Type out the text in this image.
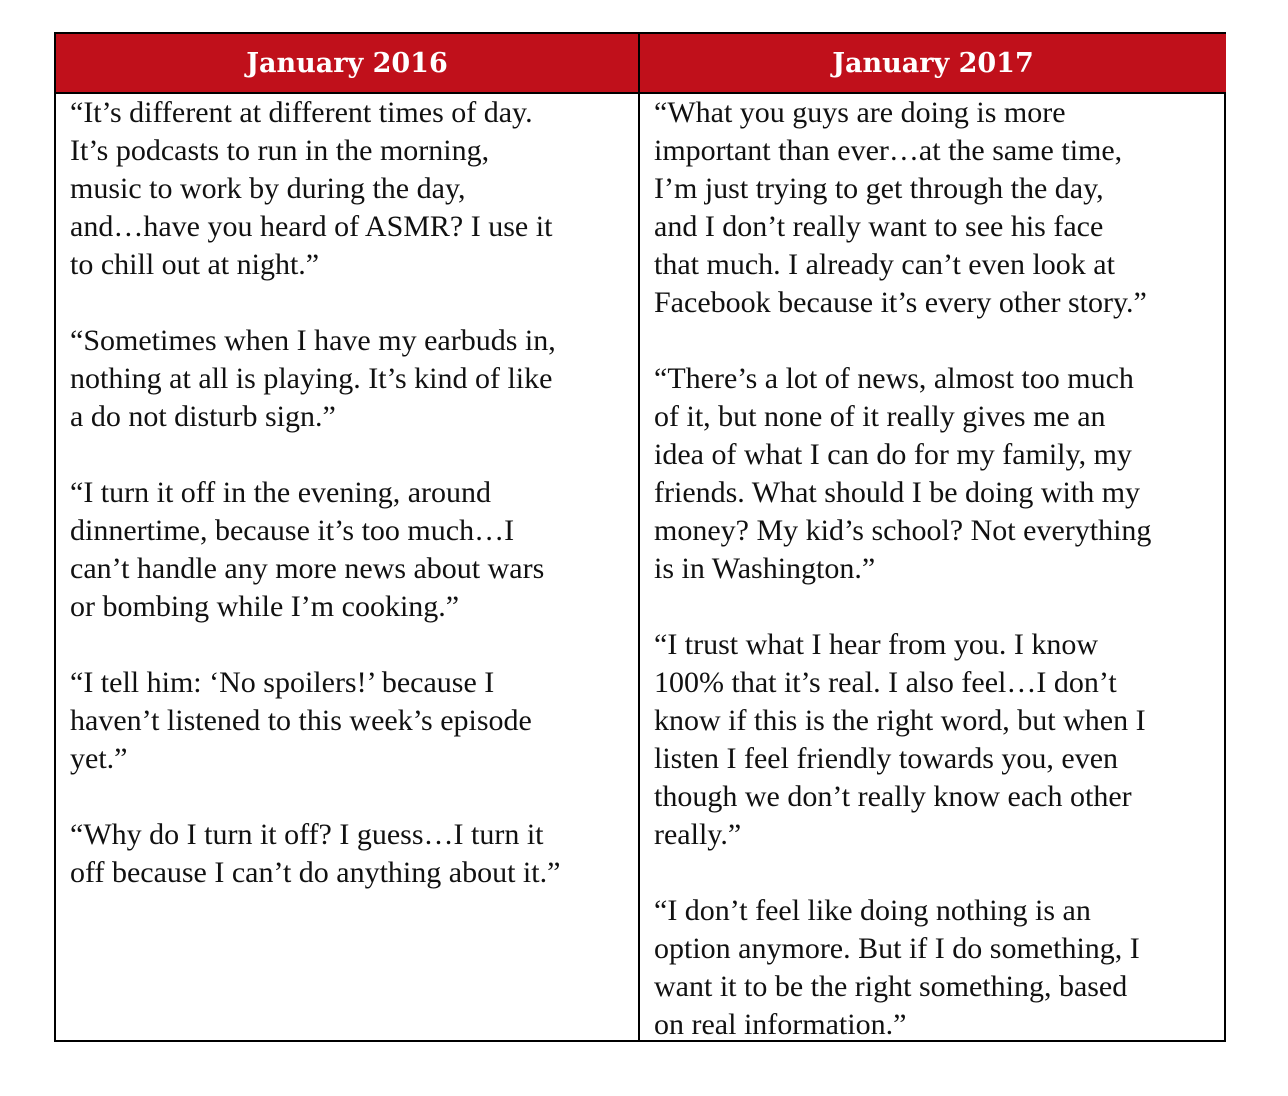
January 2016	January 2017

“It’s different at different times of day.
It’s podcasts to run in the morning,
music to work by during the day,
and…have you heard of ASMR? I use it
to chill out at night.”

“Sometimes when I have my earbuds in,
nothing at all is playing. It’s kind of like
a do not disturb sign.”

“I turn it off in the evening, around
dinnertime, because it’s too much…I
can’t handle any more news about wars
or bombing while I’m cooking.”

“I tell him: ‘No spoilers!’ because I
haven’t listened to this week’s episode
yet.”

“Why do I turn it off? I guess…I turn it
off because I can’t do anything about it.”

“What you guys are doing is more
important than ever…at the same time,
I’m just trying to get through the day,
and I don’t really want to see his face
that much. I already can’t even look at
Facebook because it’s every other story.”

“There’s a lot of news, almost too much
of it, but none of it really gives me an
idea of what I can do for my family, my
friends. What should I be doing with my
money? My kid’s school? Not everything
is in Washington.”

“I trust what I hear from you. I know
100% that it’s real. I also feel…I don’t
know if this is the right word, but when I
listen I feel friendly towards you, even
though we don’t really know each other
really.”

“I don’t feel like doing nothing is an
option anymore. But if I do something, I
want it to be the right something, based
on real information.”
